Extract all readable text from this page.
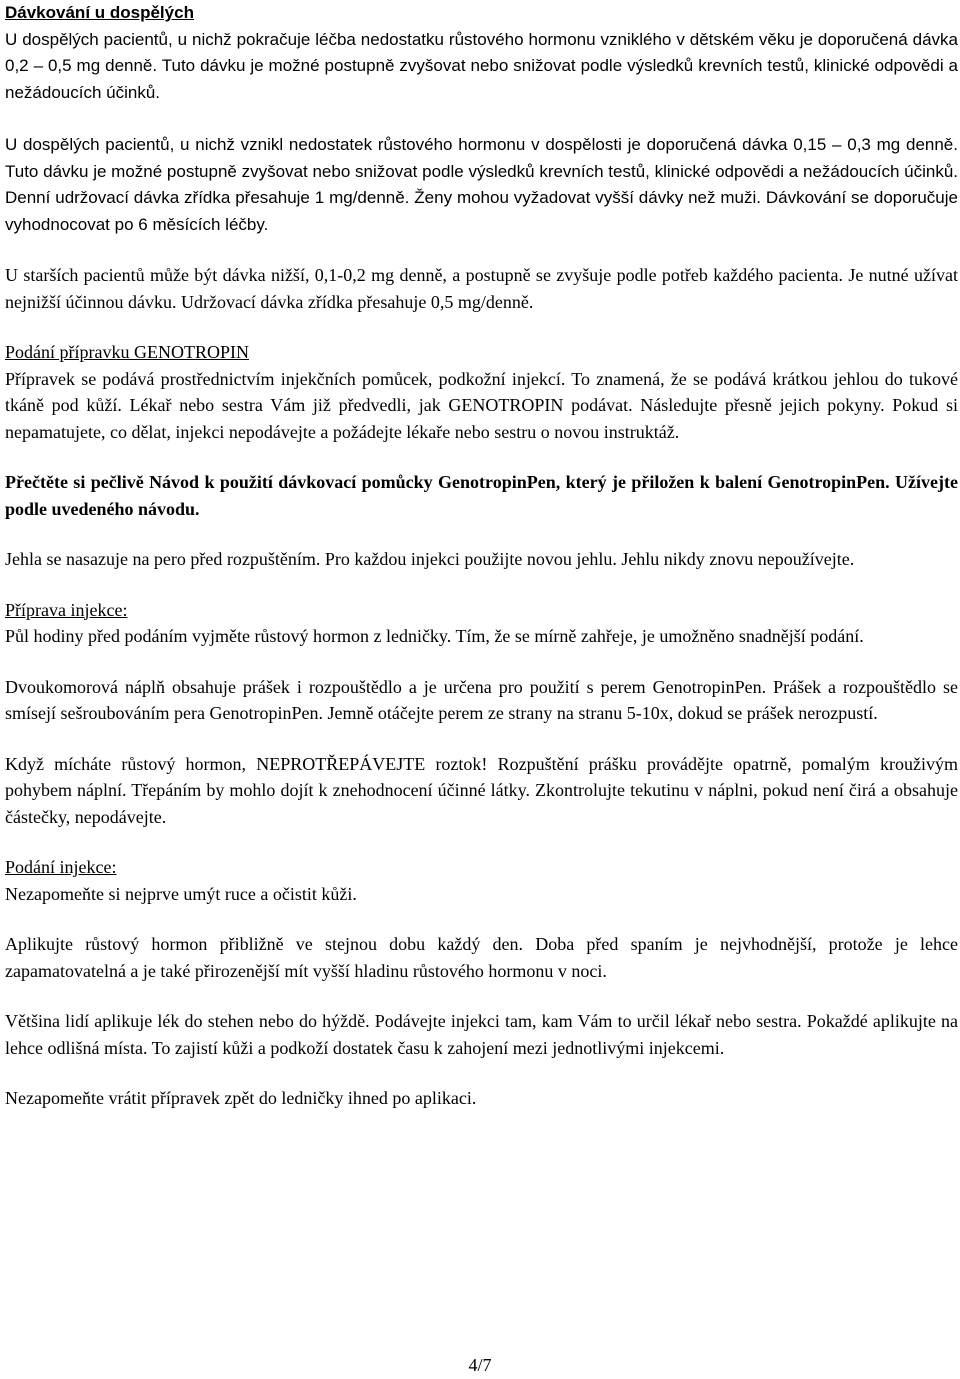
Dávkování u dospělých

U dospělých pacientů, u nichž pokračuje léčba nedostatku růstového hormonu vzniklého v dětském věku je doporučená dávka 0,2 – 0,5 mg denně. Tuto dávku je možné postupně zvyšovat nebo snižovat podle výsledků krevních testů, klinické odpovědi a nežádoucích účinků.

U dospělých pacientů, u nichž vznikl nedostatek růstového hormonu v dospělosti je doporučená dávka 0,15 – 0,3 mg denně. Tuto dávku je možné postupně zvyšovat nebo snižovat podle výsledků krevních testů, klinické odpovědi a nežádoucích účinků. Denní udržovací dávka zřídka přesahuje 1 mg/denně. Ženy mohou vyžadovat vyšší dávky než muži. Dávkování se doporučuje vyhodnocovat po 6 měsících léčby.

U starších pacientů může být dávka nižší, 0,1-0,2 mg denně, a postupně se zvyšuje podle potřeb každého pacienta. Je nutné užívat nejnižší účinnou dávku. Udržovací dávka zřídka přesahuje 0,5 mg/denně.

Podání přípravku GENOTROPIN

Přípravek se podává prostřednictvím injekčních pomůcek, podkožní injekcí. To znamená, že se podává krátkou jehlou do tukové tkáně pod kůží. Lékař nebo sestra Vám již předvedli, jak GENOTROPIN podávat. Následujte přesně jejich pokyny. Pokud si nepamatujete, co dělat, injekci nepodávejte a požádejte lékaře nebo sestru o novou instruktáž.

Přečtěte si pečlivě Návod k použití dávkovací pomůcky GenotropinPen, který je přiložen k balení GenotropinPen. Užívejte podle uvedeného návodu.

Jehla se nasazuje na pero před rozpuštěním. Pro každou injekci použijte novou jehlu. Jehlu nikdy znovu nepoužívejte.

Příprava injekce:

Půl hodiny před podáním vyjměte růstový hormon z ledničky. Tím, že se mírně zahřeje, je umožněno snadnější podání.

Dvoukomorová náplň obsahuje prášek i rozpouštědlo a je určena pro použití s perem GenotropinPen. Prášek a rozpouštědlo se smísejí sešroubováním pera GenotropinPen. Jemně otáčejte perem ze strany na stranu 5-10x, dokud se prášek nerozpustí.

Když mícháte růstový hormon, NEPROTŘEPÁVEJTE roztok! Rozpuštění prášku provádějte opatrně, pomalým krouživým pohybem náplní. Třepáním by mohlo dojít k znehodnocení účinné látky. Zkontrolujte tekutinu v náplni, pokud není čirá a obsahuje částečky, nepodávejte.

Podání injekce:

Nezapomeňte si nejprve umýt ruce a očistit kůži.

Aplikujte růstový hormon přibližně ve stejnou dobu každý den. Doba před spaním je nejvhodnější, protože je lehce zapamatovatelná a je také přirozenější mít vyšší hladinu růstového hormonu v noci.

Většina lidí aplikuje lék do stehen nebo do hýždě. Podávejte injekci tam, kam Vám to určil lékař nebo sestra. Pokaždé aplikujte na lehce odlišná místa. To zajistí kůži a podkoží dostatek času k zahojení mezi jednotlivými injekcemi.

Nezapomeňte vrátit přípravek zpět do ledničky ihned po aplikaci.

4/7
